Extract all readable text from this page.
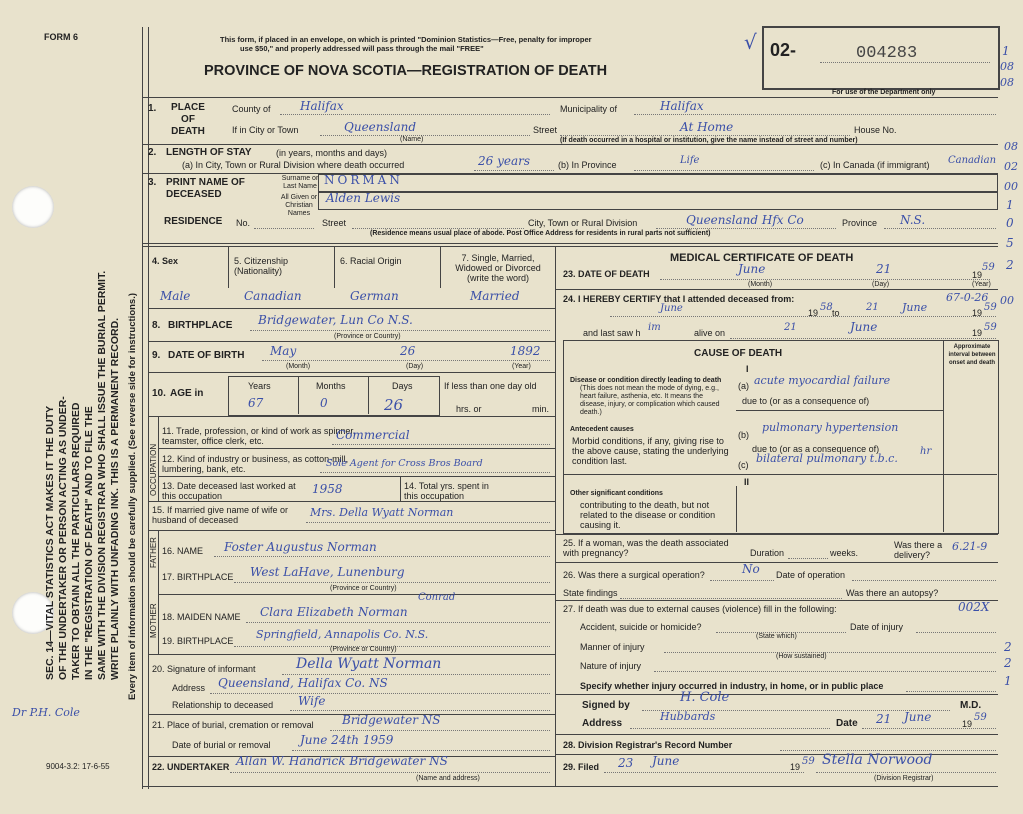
FORM 6
SEC. 14—VITAL STATISTICS ACT MAKES IT THE DUTY OF THE UNDERTAKER OR PERSON ACTING AS UNDER- TAKER TO OBTAIN ALL THE PARTICULARS REQUIRED IN THE "REGISTRATION OF DEATH" AND TO FILE THE SAME WITH THE DIVISION REGISTRAR WHO SHALL ISSUE THE BURIAL PERMIT. WRITE PLAINLY WITH UNFADING INK. THIS IS A PERMANENT RECORD. Every item of information should be carefully supplied. (See reverse side for instructions.)
Dr P.H. Cole
9004-3.2: 17-6-55
This form, if placed in an envelope, on which is printed "Dominion Statistics—Free, penalty for improper
use $50," and properly addressed will pass through the mail "FREE"
PROVINCE OF NOVA SCOTIA—REGISTRATION OF DEATH
02-	004283
√
For use of the Department only
1.	PLACE OF DEATH
County of Halifax	Municipality of	Halifax
If in City or Town	Queensland
(Name)
Street	At Home	House No.
(If death occurred in a hospital or institution, give the name instead of street and number)
2. LENGTH OF STAY	(in years, months and days)
(a) In City, Town or Rural Division where death occurred	26 years	(b) In Province	Life	(c) In Canada (if immigrant) Canadian
3. PRINT NAME OF DECEASED
Surname or Last Name NORMAN
All Given or Christian Names
Alden Lewis
RESIDENCE No.	Street	City, Town or Rural Division	Queensland Hfx Co	Province N.S.
(Residence means usual place of abode. Post Office Address for residents in rural parts not sufficient)
4. Sex	5. Citizenship (Nationality)
6. Racial Origin	7. Single, Married, Widowed or Divorced (write the word)
Male	Canadian	German	Married
8. BIRTHPLACE Bridgewater, Lun Co N.S.
(Province or Country)
9. DATE OF BIRTH May	26	1892
(Month)	(Day)	(Year)
10. AGE in
Years	Months	Days
67	0	26
If less than one day old
hrs. or	min.
OCCUPATION
11. Trade, profession, or kind of work as spinner, teamster, office clerk, etc.	Commercial
12. Kind of industry or business, as cotton-mill, lumbering, bank, etc.	Sole Agent for Cross Bros Board
13. Date deceased last worked at this occupation	1958	14. Total yrs. spent in this occupation
15. If married give name of wife or husband of deceased
Mrs. Della Wyatt Norman
FATHER 16. NAME Foster Augustus Norman
17. BIRTHPLACE West LaHave, Lunenburg
(Province or Country)
MOTHER
Conrad
18. MAIDEN NAME Clara Elizabeth Norman
19. BIRTHPLACE Springfield, Annapolis Co. N.S.
(Province or Country)
20. Signature of informant	Della Wyatt Norman
Address Queensland, Halifax Co. NS
Relationship to deceased Wife
21. Place of burial, cremation or removal Bridgewater NS
Date of burial or removal June 24th 1959
22. UNDERTAKER Allan W. Handrick Bridgewater NS
(Name and address)
MEDICAL CERTIFICATE OF DEATH
23. DATE OF DEATH	June	21	19
59
(Month)	(Day)	(Year)
24. I HEREBY CERTIFY that I attended deceased from:
June	19 58 to	21 June	19 59
67-0-26
and last saw h im	alive on	21	June	19 59
CAUSE OF DEATH
Approximate interval between onset and death
I
Disease or condition directly leading to death
(This does not mean the mode of dying, e.g., heart failure, asthenia, etc. It means the disease, injury, or complication which caused death.)
(a) acute myocardial failure
due to (or as a consequence of)
Antecedent causes
Morbid conditions, if any, giving rise to the above cause, stating the underlying condition last.
(b)
pulmonary hypertension
due to (or as a consequence of)
(c) bilateral pulmonary t.b.c.
hr
II
Other significant conditions
contributing to the death, but not related to the disease or condition causing it.
25. If a woman, was the death associated with pregnancy?	Duration	weeks.
Was there a delivery?
26. Was there a surgical operation?	No Date of operation
State findings	Was there an autopsy?
27. If death was due to external causes (violence) fill in the following:
Accident, suicide or homicide?	Date of injury
(State which)
Manner of injury
(How sustained)
Nature of injury
Specify whether injury occurred in industry, in home, or in public place
Signed by
H. Cole
M.D.
Address
Hubbards
Date 21 June	19
59
28. Division Registrar's Record Number
29. Filed 23 June	19 59 Stella Norwood
(Division Registrar)
1
08
08
08
02
00
1
0
5
2
00
002X
2
2
1
6.21-9
